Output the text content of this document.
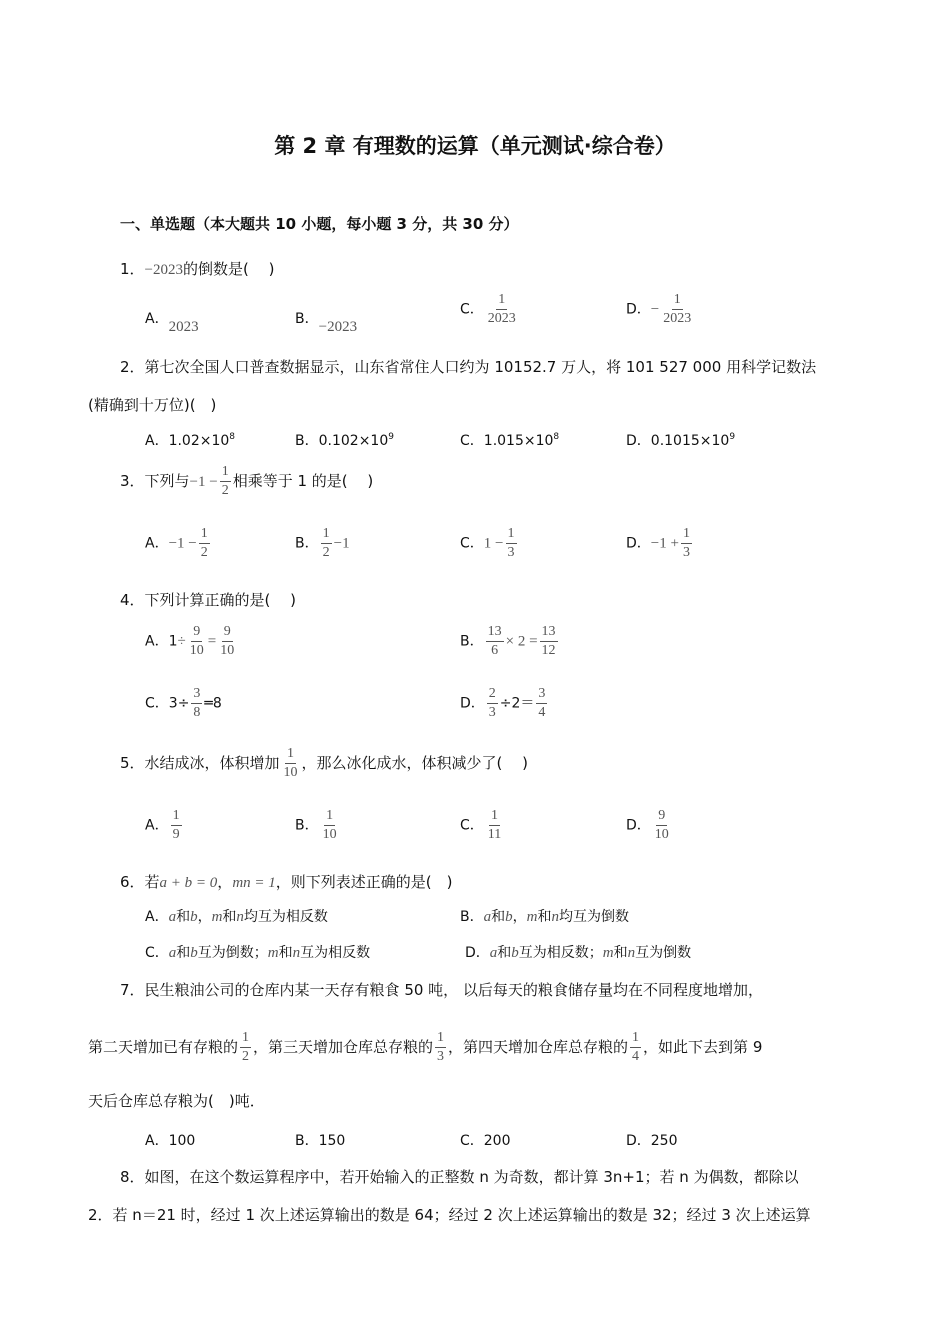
第 2 章 有理数的运算（单元测试·综合卷）
一、单选题（本大题共 10 小题，每小题 3 分，共 30 分）
1．−2023的倒数是(　 )
A．2023	B．−2023
C． $\frac{1}{2023}$	D．− $\frac{1}{2023}$
2．第七次全国人口普查数据显示，山东省常住人口约为 10152.7 万人，将 101 527 000 用科学记数法
(精确到十万位)(　)
A．$1.02\times 10^8$	B．$0.102\times 10^9$	C．$1.015\times 10^8$	D．$0.1015\times 10^9$
3．下列与$-1 - \frac{1}{2}$ 相乘等于 1 的是(　 )
A．$-1 - \frac{1}{2}$	B． $\frac{1}{2} -1$	C．$1 - \frac{1}{3}$	D．$-1 + \frac{1}{3}$
4．下列计算正确的是(　 )
A．$1\div \frac{9}{10} = \frac{9}{10}$	B． $\frac{13}{6} \times 2 = \frac{13}{12}$
C．$3\div \frac{3}{8}$ ═8	D． $\frac{2}{3} \div 2= \frac{3}{4}$
5．水结成冰，体积增加 $\frac{1}{10}$ ，那么冰化成水，体积减少了(　 )
A． $\frac{1}{9}$	B． $\frac{1}{10}$	C． $\frac{1}{11}$	D． $\frac{9}{10}$
6．若a + b = 0，mn = 1，则下列表述正确的是(　)
A．a和b，m和n均互为相反数	B．a和b，m和n均互为倒数
C．a和b互为倒数；m和n互为相反数	D．a和b互为相反数；m和n互为倒数
7．民生粮油公司的仓库内某一天存有粮食 50 吨， 以后每天的粮食储存量均在不同程度地增加，
第二天增加已有存粮的 $\frac{1}{2}$ ，第三天增加仓库总存粮的 $\frac{1}{3}$ ，第四天增加仓库总存粮的 $\frac{1}{4}$ ，如此下去到第 9
天后仓库总存粮为(　)吨．
A．100	B．150	C．200	D．250
8．如图，在这个数运算程序中，若开始输入的正整数 n 为奇数，都计算 3n+1；若 n 为偶数，都除以
2．若 n＝21 时，经过 1 次上述运算输出的数是 64；经过 2 次上述运算输出的数是 32；经过 3 次上述运算
